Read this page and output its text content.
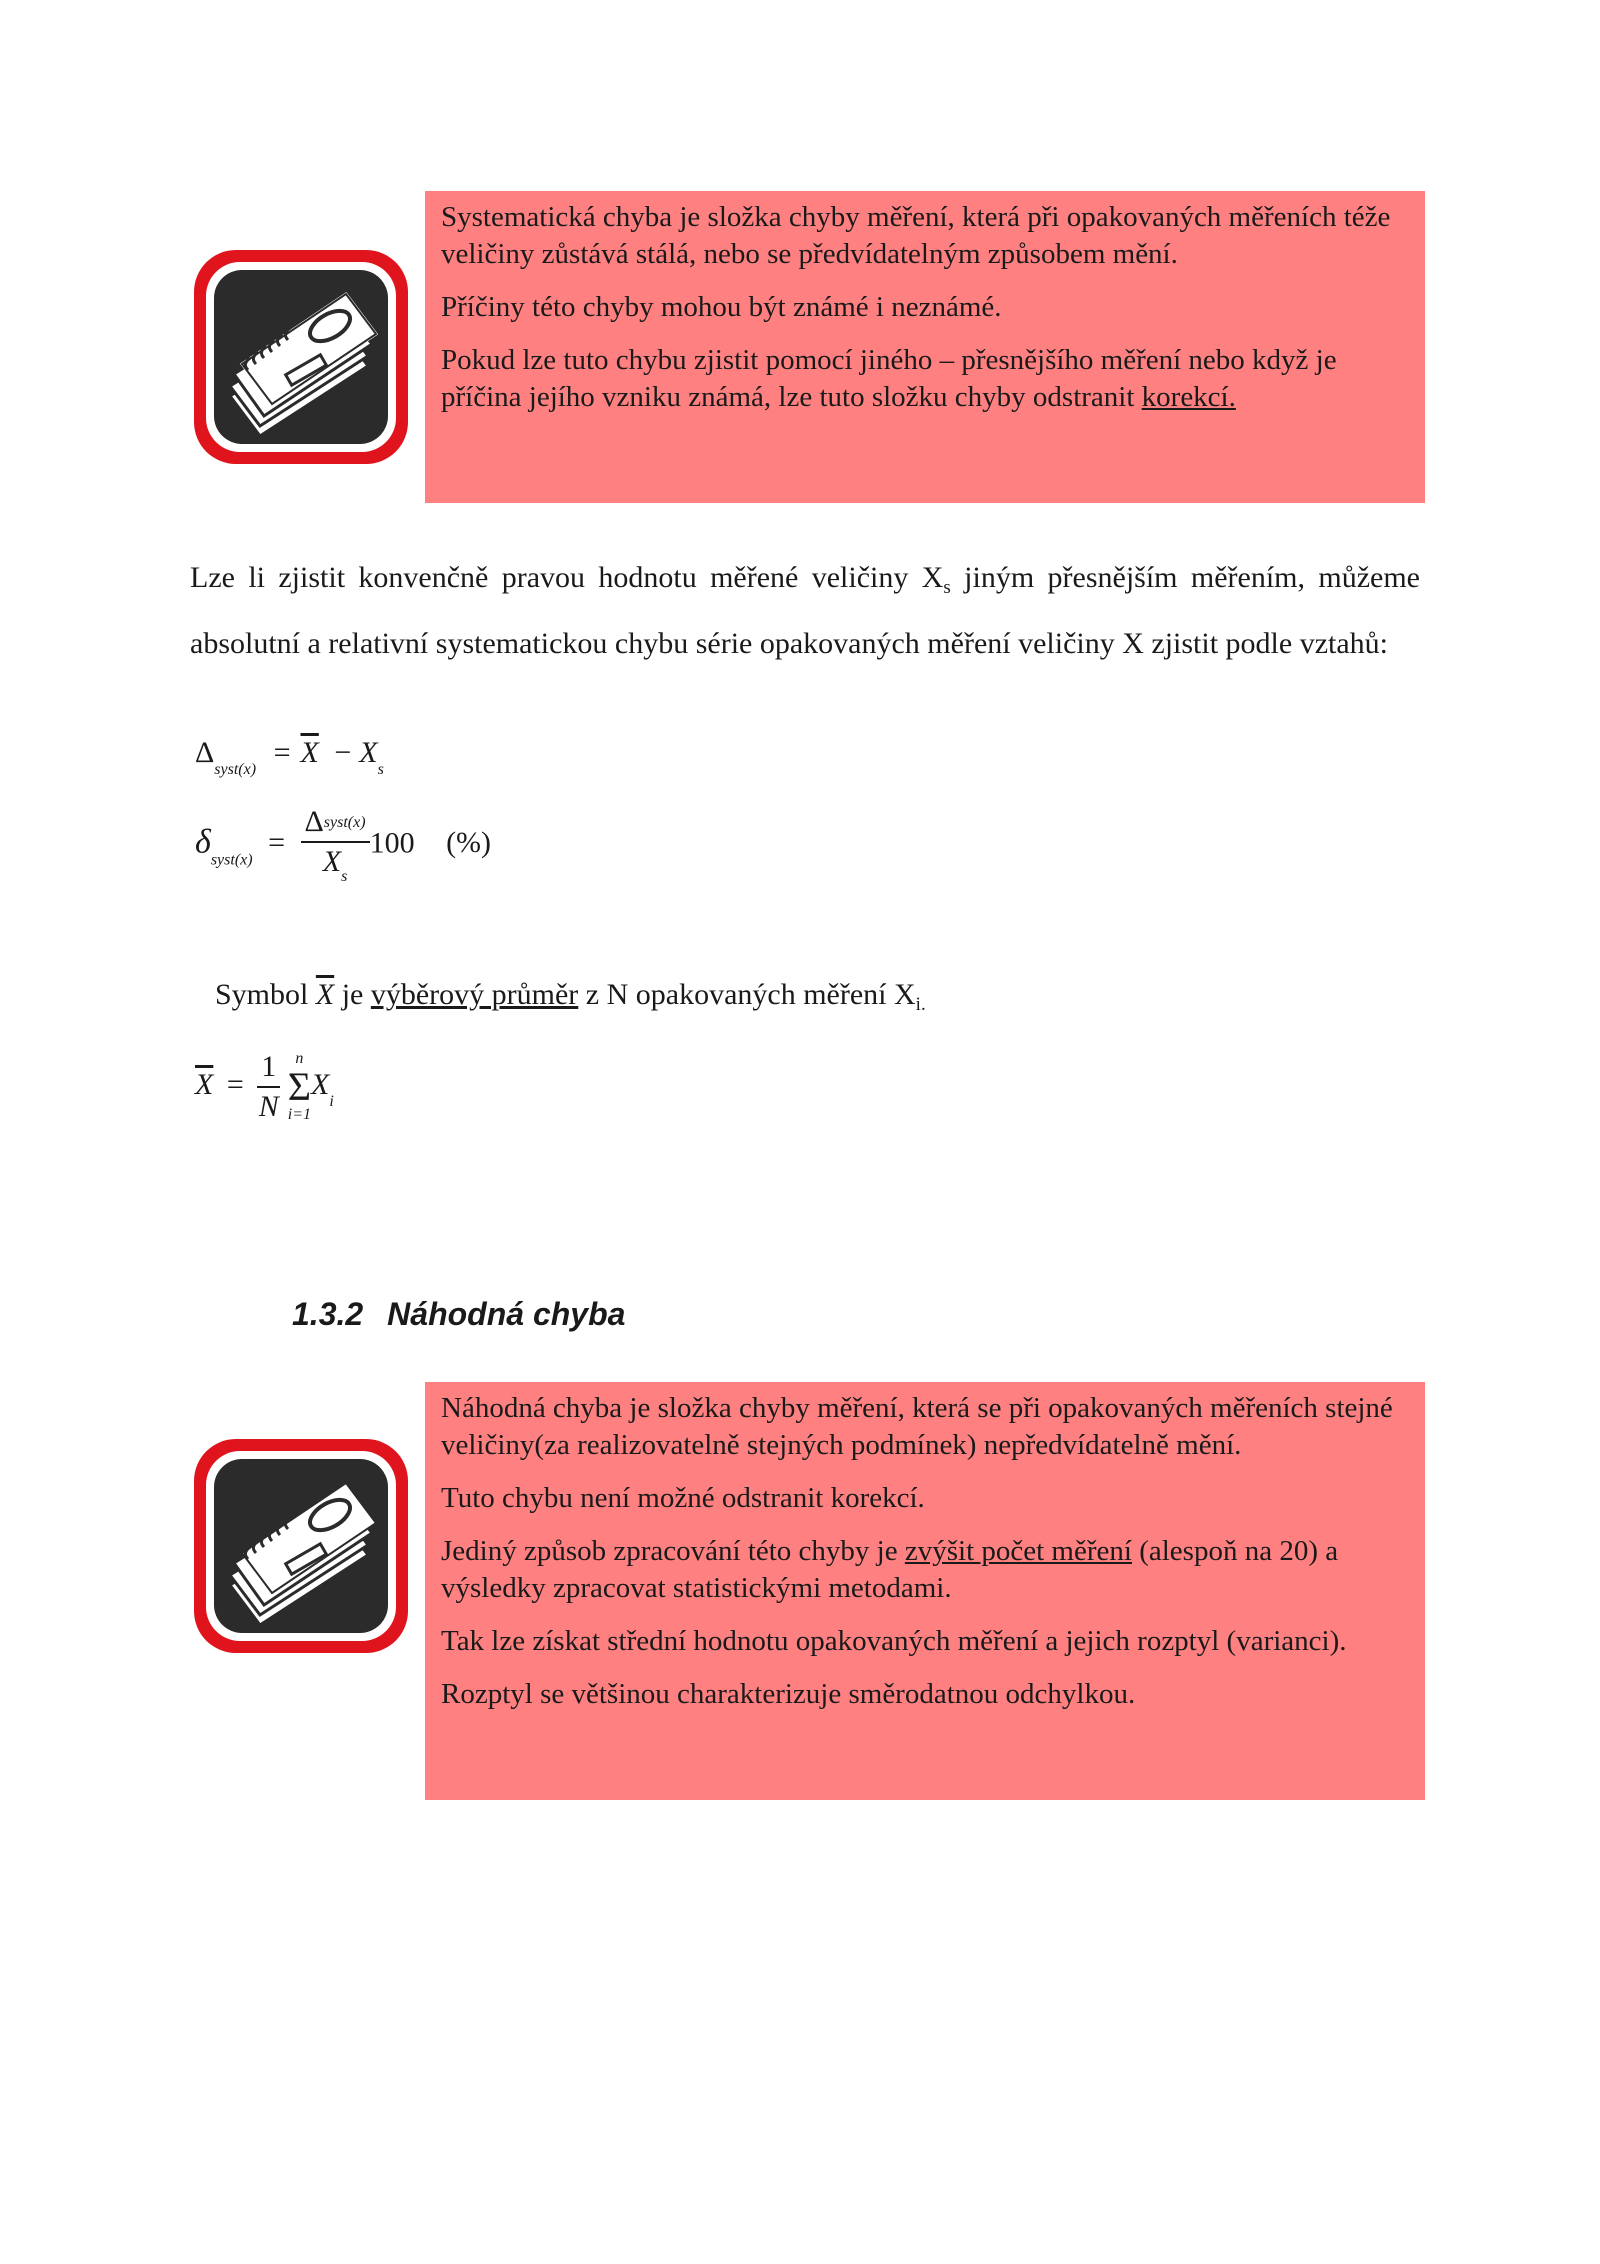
Systematická chyba je složka chyby měření, která při opakovaných měřeních téže veličiny zůstává stálá, nebo se předvídatelným způsobem mění.

Příčiny této chyby mohou být známé i neznámé.

Pokud lze tuto chybu zjistit pomocí jiného – přesnějšího měření nebo když je příčina jejího vzniku známá, lze tuto složku chyby odstranit korekcí.

Lze li zjistit konvenčně pravou hodnotu měřené veličiny $X_s$ jiným přesnějším měřením, můžeme absolutní a relativní systematickou chybu série opakovaných měření veličiny X zjistit podle vztahů:

$\Delta_{syst(x)} = \overline{X} - X_s$
$\delta_{syst(x)} = \frac{\text{Δsyst(x)}}{X_s} 100$ (%)

Symbol $\overline{X}$ je výběrový průměr z N opakovaných měření $X_{i.}$

$\overline{X} = \frac{1}{N}$
n
Σ
i=1
$X_i$
1.3.2 Náhodná chyba

Náhodná chyba je složka chyby měření, která se při opakovaných měřeních stejné veličiny(za realizovatelně stejných podmínek) nepředvídatelně mění.

Tuto chybu není možné odstranit korekcí.

Jediný způsob zpracování této chyby je zvýšit počet měření (alespoň na 20) a výsledky zpracovat statistickými metodami.

Tak lze získat střední hodnotu opakovaných měření a jejich rozptyl (varianci).

Rozptyl se většinou charakterizuje směrodatnou odchylkou.
